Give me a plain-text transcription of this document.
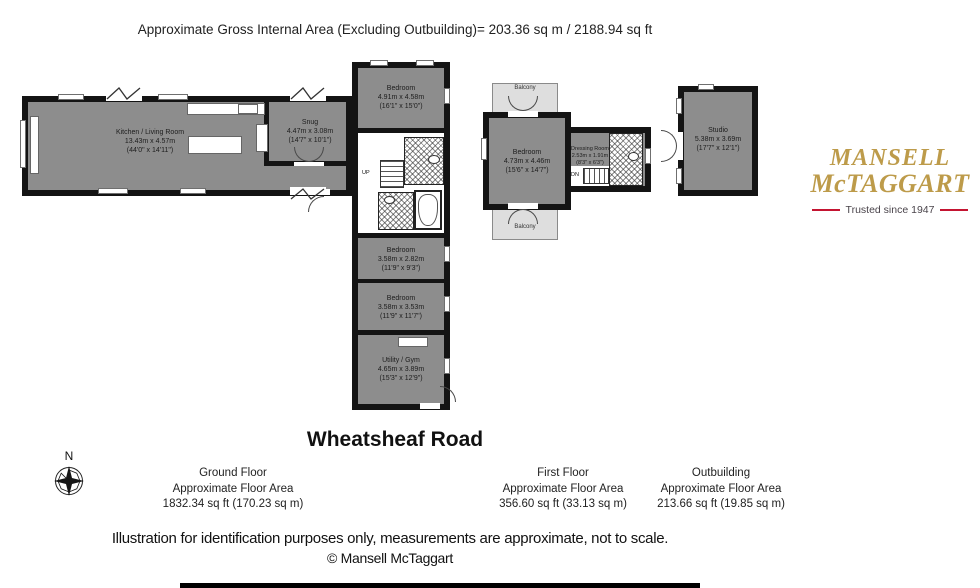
Approximate Gross Internal Area (Excluding Outbuilding)= 203.36 sq m / 2188.94 sq ft
Kitchen / Living Room
13.43m x 4.57m
(44'0" x 14'11")
Snug
4.47m x 3.08m
(14'7" x 10'1")
UP
Bedroom
4.91m x 4.58m
(16'1" x 15'0")
Bedroom
3.58m x 2.82m
(11'9" x 9'3")
Bedroom
3.58m x 3.53m
(11'9" x 11'7")
Utility / Gym
4.65m x 3.89m
(15'3" x 12'9")
Balcony
Balcony
DN
Bedroom
4.73m x 4.46m
(15'6" x 14'7")
Dressing Room
2.53m x 1.91m
(8'3" x 6'3")
Studio
5.38m x 3.69m
(17'7" x 12'1")	MANSELL
McTAGGART
Trusted since 1947
Wheatsheaf Road
N
Ground Floor
Approximate Floor Area
1832.34 sq ft (170.23 sq m)
First Floor
Approximate Floor Area
356.60 sq ft (33.13 sq m)
Outbuilding
Approximate Floor Area
213.66 sq ft (19.85 sq m)
Illustration for identification purposes only, measurements are approximate, not to scale.
© Mansell McTaggart
